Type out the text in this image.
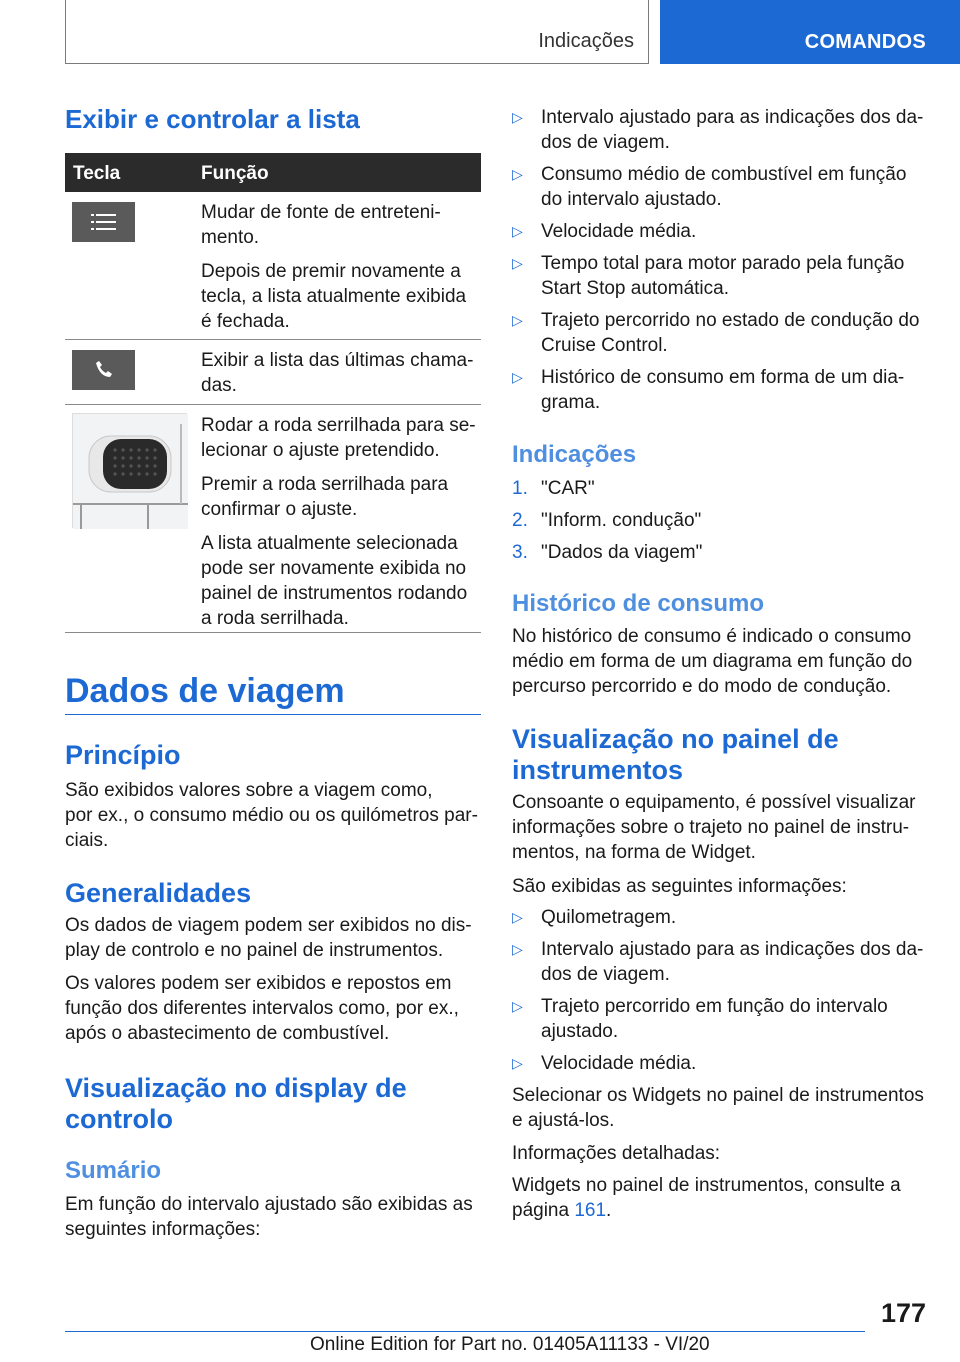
Indicações	COMANDOS
Exibir e controlar a lista
Tecla	Função
Mudar de fonte de entreteni-
mento.
Depois de premir novamente a
tecla, a lista atualmente exibida
é fechada.
Exibir a lista das últimas chama-
das.
Rodar a roda serrilhada para se-
lecionar o ajuste pretendido.
Premir a roda serrilhada para
confirmar o ajuste.
A lista atualmente selecionada
pode ser novamente exibida no
painel de instrumentos rodando
a roda serrilhada.
Dados de viagem
Princípio
São exibidos valores sobre a viagem como,
por ex., o consumo médio ou os quilómetros par-
ciais.
Generalidades
Os dados de viagem podem ser exibidos no dis-
play de controlo e no painel de instrumentos.
Os valores podem ser exibidos e repostos em
função dos diferentes intervalos como, por ex.,
após o abastecimento de combustível.
Visualização no display de
controlo
Sumário
Em função do intervalo ajustado são exibidas as
seguintes informações:
▷ Intervalo ajustado para as indicações dos da-
dos de viagem.
▷ Consumo médio de combustível em função
do intervalo ajustado.
▷ Velocidade média.
▷ Tempo total para motor parado pela função
Start Stop automática.
▷ Trajeto percorrido no estado de condução do
Cruise Control.
▷ Histórico de consumo em forma de um dia-
grama.
Indicações
1. "CAR"
2. "Inform. condução"
3. "Dados da viagem"
Histórico de consumo
No histórico de consumo é indicado o consumo
médio em forma de um diagrama em função do
percurso percorrido e do modo de condução.
Visualização no painel de
instrumentos
Consoante o equipamento, é possível visualizar
informações sobre o trajeto no painel de instru-
mentos, na forma de Widget.
São exibidas as seguintes informações:
▷ Quilometragem.
▷ Intervalo ajustado para as indicações dos da-
dos de viagem.
▷ Trajeto percorrido em função do intervalo
ajustado.
▷ Velocidade média.
Selecionar os Widgets no painel de instrumentos
e ajustá-los.
Informações detalhadas:
Widgets no painel de instrumentos, consulte a
página 161.
177
Online Edition for Part no. 01405A11133 - VI/20
